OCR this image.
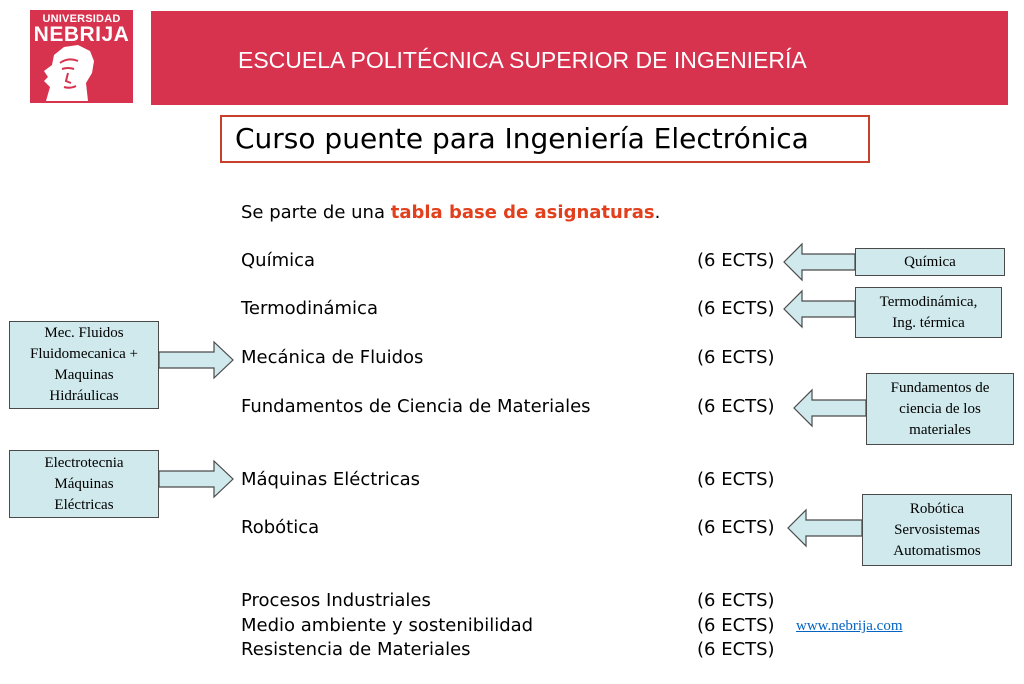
UNIVERSIDAD
NEBRIJA
ESCUELA POLITÉCNICA SUPERIOR DE INGENIERÍA
Curso puente para Ingeniería Electrónica
Se parte de una tabla base de asignaturas.
Química	(6 ECTS)
Termodinámica	(6 ECTS)
Mecánica de Fluidos	(6 ECTS)
Fundamentos de Ciencia de Materiales	(6 ECTS)
Máquinas Eléctricas	(6 ECTS)
Robótica	(6 ECTS)
Procesos Industriales	(6 ECTS)
Medio ambiente y sostenibilidad	(6 ECTS) www.nebrija.com
Resistencia de Materiales	(6 ECTS)
Mec. Fluidos
Fluidomecanica +
Maquinas
Hidráulicas
Electrotecnia
Máquinas
Eléctricas
Química
Termodinámica,
Ing. térmica
Fundamentos de
ciencia de los
materiales
Robótica
Servosistemas
Automatismos
